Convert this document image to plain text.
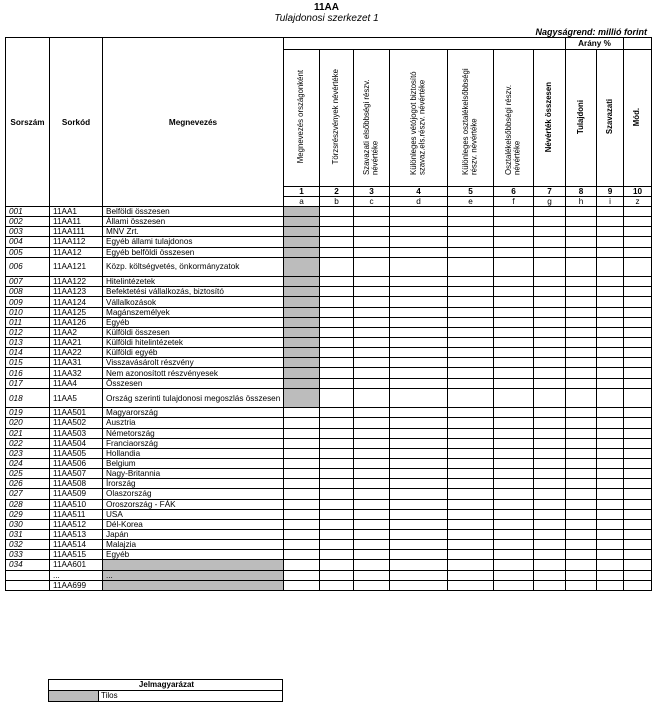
11AA
Tulajdonosi szerkezet 1
Nagyságrend: millió forint
Sorszám	Sorkód	Megnevezés								Arány %		
			Megnevezés országonként	Törzsrészvények névértéke	Szavazati elsőbbségi részv. névértéke	Különleges vétójogot biztosító szavaz.els.részv. névértéke	Különleges osztalékelsőbbségi részv. névértéke	Osztalékelsőbbségi részv. névértéke	Névérték összesen	Tulajdoni	Szavazati	Mód.
			1	2	3	4	5	6	7	8	9	10
			a	b	c	d	e	f	g	h	i	z
001	11AA1	Belföldi összesen										
002	11AA11	Állami összesen										
003	11AA111	MNV Zrt.										
004	11AA112	Egyéb állami tulajdonos										
005	11AA12	Egyéb belföldi összesen										
006	11AA121	Közp. költségvetés, önkormányzatok										
007	11AA122	Hitelintézetek										
008	11AA123	Befektetési vállalkozás, biztosító										
009	11AA124	Vállalkozások										
010	11AA125	Magánszemélyek										
011	11AA126	Egyéb										
012	11AA2	Külföldi összesen										
013	11AA21	Külföldi hitelintézetek										
014	11AA22	Külföldi egyéb										
015	11AA31	Visszavásárolt részvény										
016	11AA32	Nem azonosított részvényesek										
017	11AA4	Összesen										
018	11AA5	Ország szerinti tulajdonosi megoszlás összesen										
019	11AA501	Magyarország										
020	11AA502	Ausztria										
021	11AA503	Németország										
022	11AA504	Franciaország										
023	11AA505	Hollandia										
024	11AA506	Belgium										
025	11AA507	Nagy-Britannia										
026	11AA508	Írország										
027	11AA509	Olaszország										
028	11AA510	Oroszország - FÁK										
029	11AA511	USA										
030	11AA512	Dél-Korea										
031	11AA513	Japán										
032	11AA514	Malajzia										
033	11AA515	Egyéb										
034	11AA601											
	...	...										
	11AA699											
Jelmagyarázat
	Tilos
